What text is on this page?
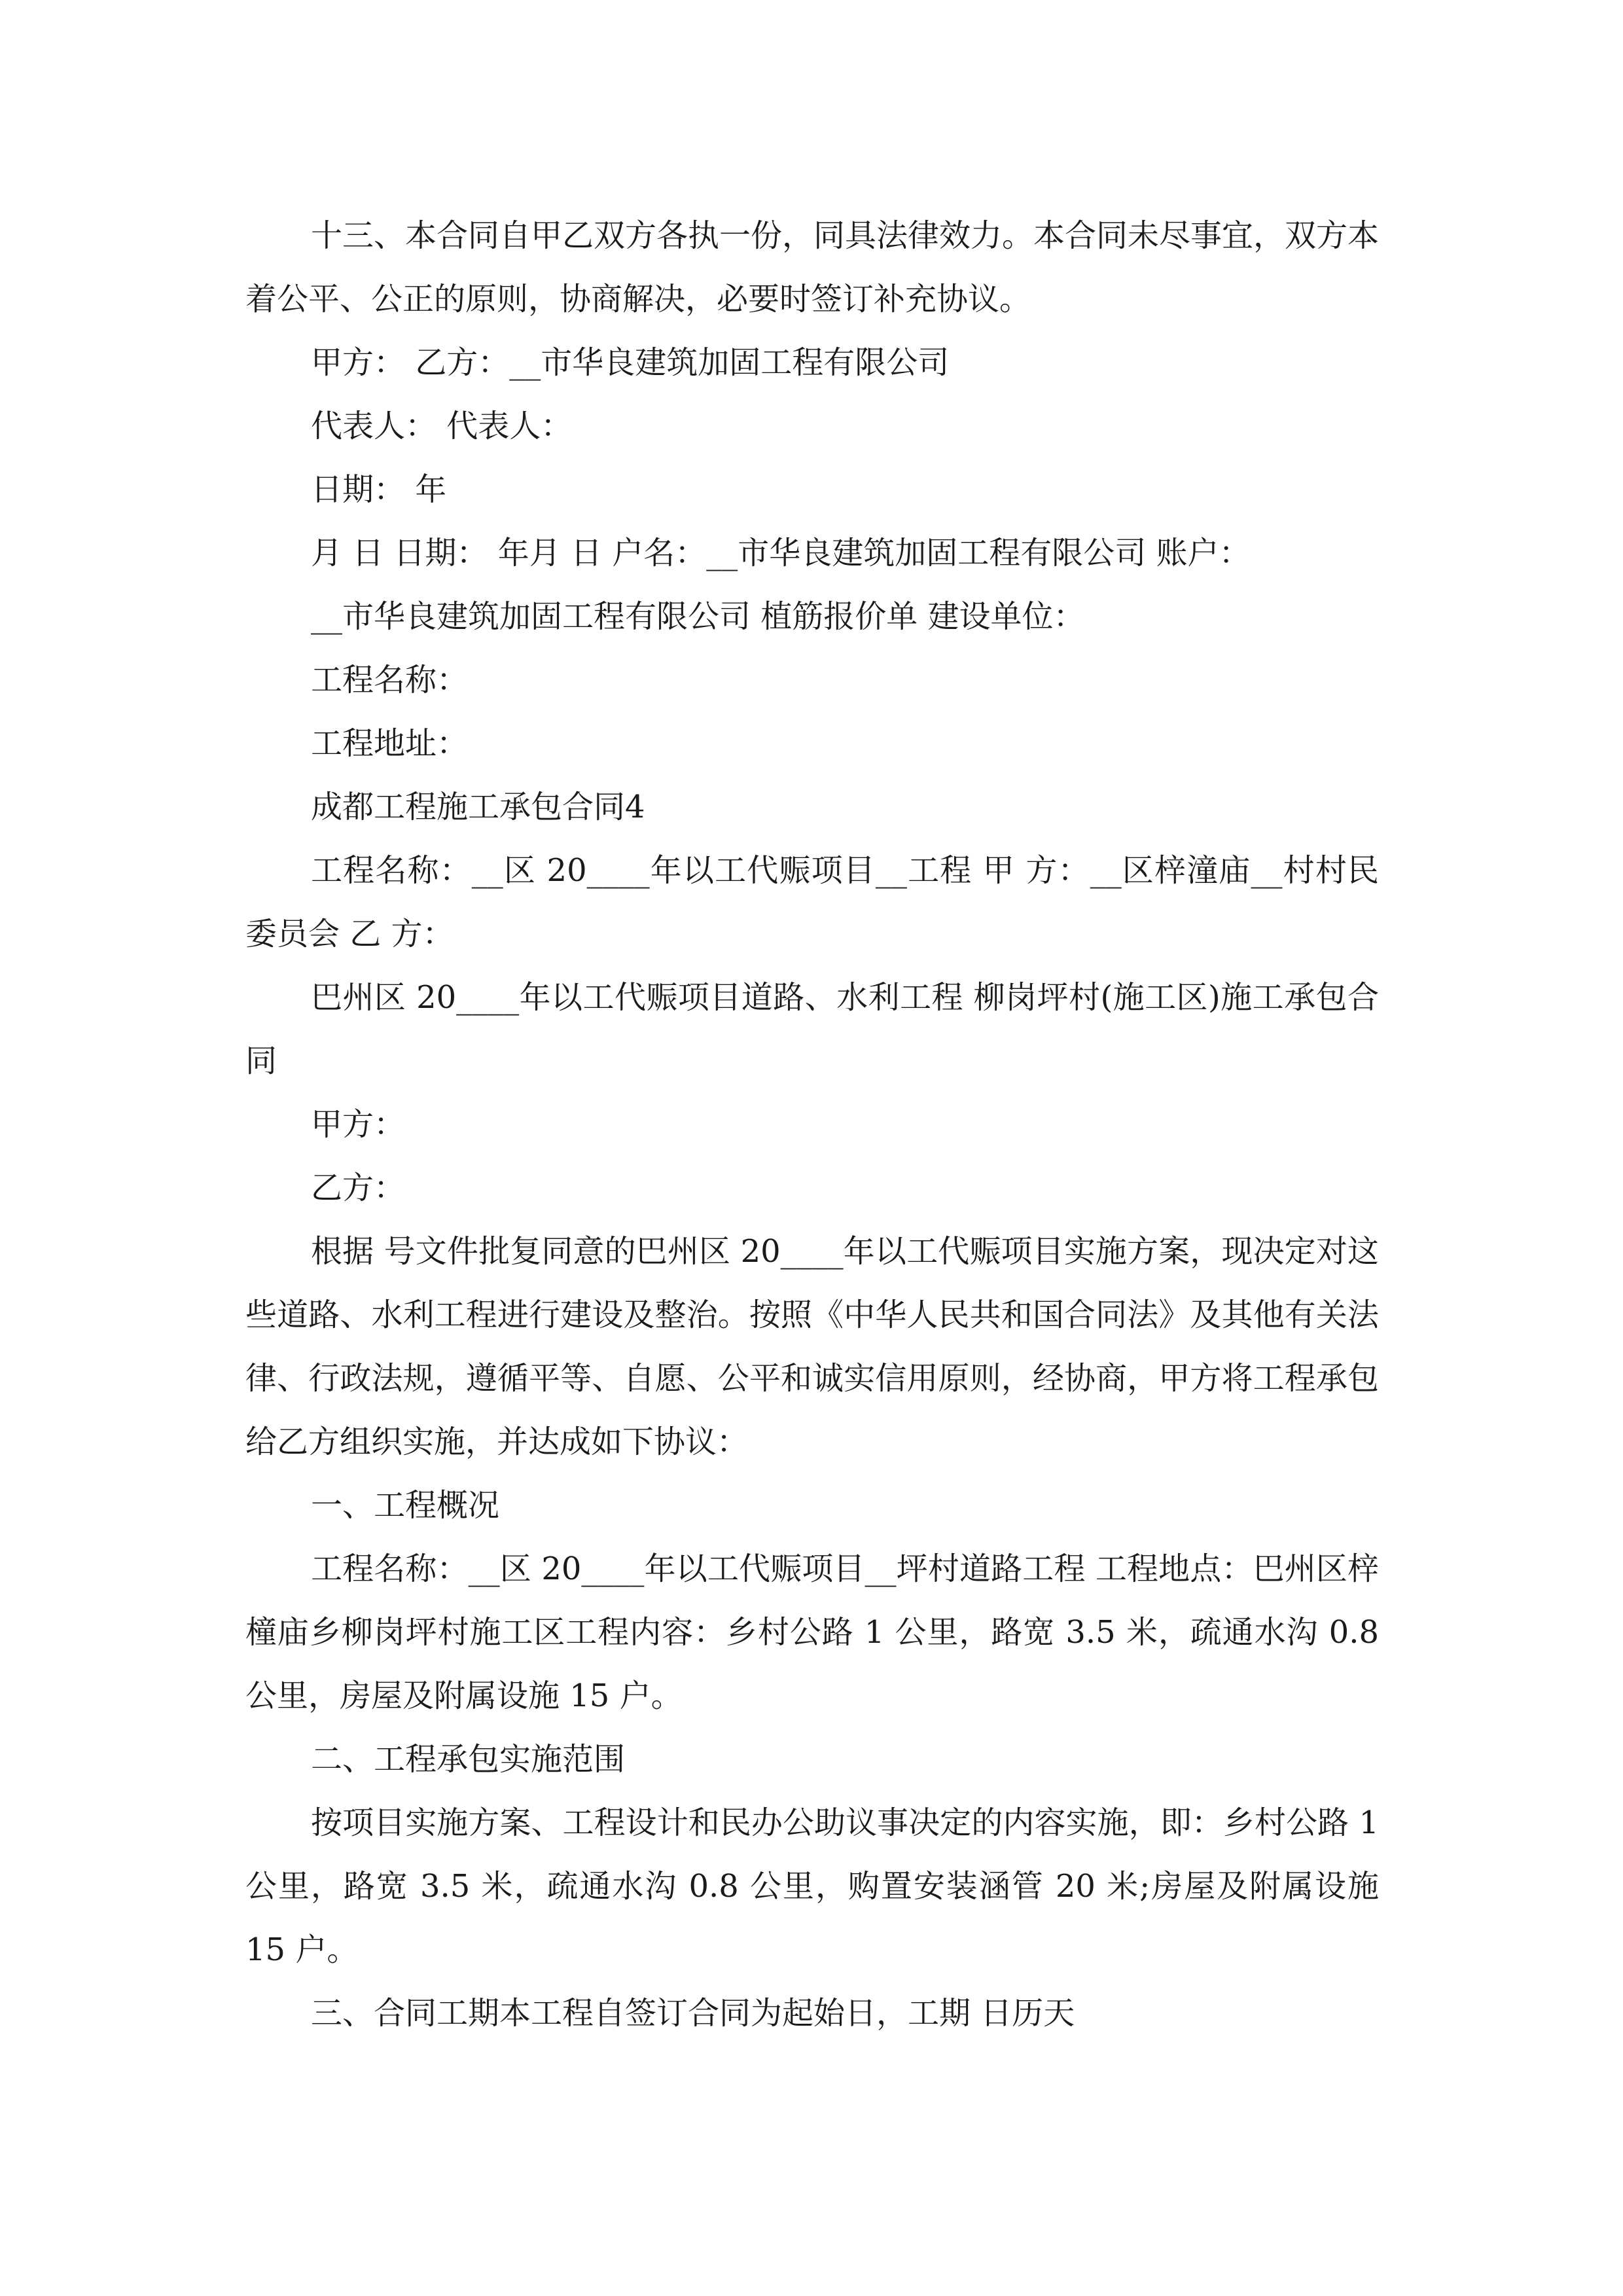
十三、本合同自甲乙双方各执一份，同具法律效力。本合同未尽事宜，双方本着公平、公正的原则，协商解决，必要时签订补充协议。

甲方： 乙方：__市华良建筑加固工程有限公司

代表人： 代表人：

日期： 年

月 日 日期： 年月 日 户名：__市华良建筑加固工程有限公司 账户：

__市华良建筑加固工程有限公司 植筋报价单 建设单位：

工程名称：

工程地址：

成都工程施工承包合同4

工程名称：__区 20____年以工代赈项目__工程 甲 方：__区梓潼庙__村村民委员会 乙 方：

巴州区 20____年以工代赈项目道路、水利工程 柳岗坪村(施工区)施工承包合同

甲方：

乙方：

根据 号文件批复同意的巴州区 20____年以工代赈项目实施方案，现决定对这些道路、水利工程进行建设及整治。按照《中华人民共和国合同法》及其他有关法律、行政法规，遵循平等、自愿、公平和诚实信用原则，经协商，甲方将工程承包给乙方组织实施，并达成如下协议：

一、工程概况

工程名称：__区 20____年以工代赈项目__坪村道路工程 工程地点：巴州区梓橦庙乡柳岗坪村施工区工程内容：乡村公路 1 公里，路宽 3.5 米，疏通水沟 0.8 公里，房屋及附属设施 15 户。

二、工程承包实施范围

按项目实施方案、工程设计和民办公助议事决定的内容实施，即：乡村公路 1 公里，路宽 3.5 米，疏通水沟 0.8 公里，购置安装涵管 20 米;房屋及附属设施 15 户。

三、合同工期本工程自签订合同为起始日，工期 日历天
